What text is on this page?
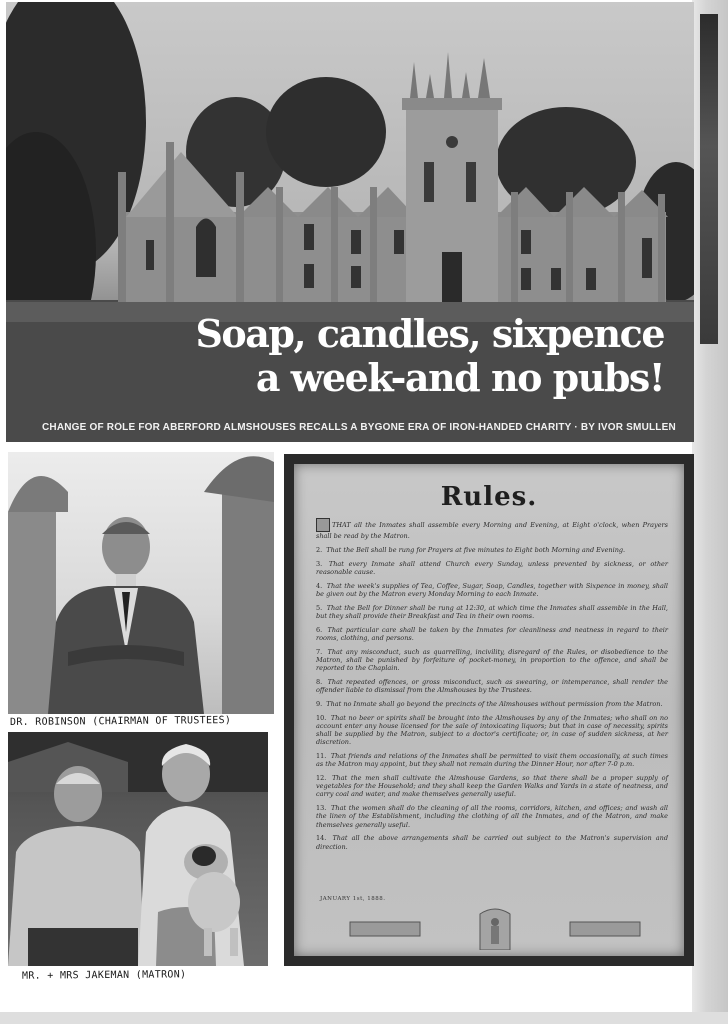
Soap, candles, sixpence
a week-and no pubs!
CHANGE OF RÔLE FOR ABERFORD ALMSHOUSES RECALLS A BYGONE ERA OF IRON-HANDED CHARITY · BY IVOR SMULLEN
DR. ROBINSON (CHAIRMAN OF TRUSTEES)
MR. + MRS JAKEMAN (MATRON)
Rules.
THAT all the Inmates shall assemble every Morning and Evening, at Eight o'clock, when Prayers shall be read by the Matron.
2. That the Bell shall be rung for Prayers at five minutes to Eight both Morning and Evening.
3. That every Inmate shall attend Church every Sunday, unless prevented by sickness, or other reasonable cause.
4. That the week's supplies of Tea, Coffee, Sugar, Soap, Candles, together with Sixpence in money, shall be given out by the Matron every Monday Morning to each Inmate.
5. That the Bell for Dinner shall be rung at 12:30, at which time the Inmates shall assemble in the Hall, but they shall provide their Breakfast and Tea in their own rooms.
6. That particular care shall be taken by the Inmates for cleanliness and neatness in regard to their rooms, clothing, and persons.
7. That any misconduct, such as quarrelling, incivility, disregard of the Rules, or disobedience to the Matron, shall be punished by forfeiture of pocket-money, in proportion to the offence, and shall be reported to the Chaplain.
8. That repeated offences, or gross misconduct, such as swearing, or intemperance, shall render the offender liable to dismissal from the Almshouses by the Trustees.
9. That no Inmate shall go beyond the precincts of the Almshouses without permission from the Matron.
10. That no beer or spirits shall be brought into the Almshouses by any of the Inmates; who shall on no account enter any house licensed for the sale of intoxicating liquors; but that in case of necessity, spirits shall be supplied by the Matron, subject to a doctor's certificate; or, in case of sudden sickness, at her discretion.
11. That friends and relations of the Inmates shall be permitted to visit them occasionally, at such times as the Matron may appoint, but they shall not remain during the Dinner Hour, nor after 7-0 p.m.
12. That the men shall cultivate the Almshouse Gardens, so that there shall be a proper supply of vegetables for the Household; and they shall keep the Garden Walks and Yards in a state of neatness, and carry coal and water, and make themselves generally useful.
13. That the women shall do the cleaning of all the rooms, corridors, kitchen, and offices; and wash all the linen of the Establishment, including the clothing of all the Inmates, and of the Matron, and make themselves generally useful.
14. That all the above arrangements shall be carried out subject to the Matron's supervision and direction.
JANUARY 1st, 1888.
